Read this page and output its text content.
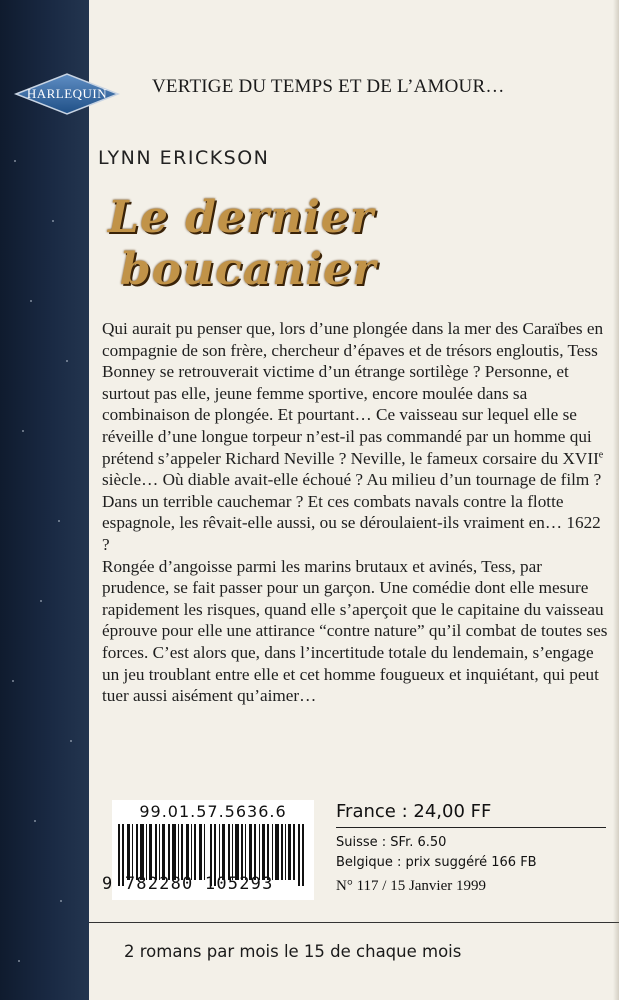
HARLEQUIN	VERTIGE DU TEMPS ET DE L’AMOUR…
LYNN ERICKSON
Le dernier
boucanier

Qui aurait pu penser que, lors d’une plongée dans la mer des Caraïbes en compagnie de son frère, chercheur d’épaves et de trésors engloutis, Tess Bonney se retrouverait victime d’un étrange sortilège ? Personne, et surtout pas elle, jeune femme sportive, encore moulée dans sa combinaison de plongée. Et pourtant… Ce vaisseau sur lequel elle se réveille d’une longue torpeur n’est-il pas commandé par un homme qui prétend s’appeler Richard Neville ? Neville, le fameux corsaire du XVIIe siècle… Où diable avait-elle échoué ? Au milieu d’un tournage de film ? Dans un terrible cauchemar ? Et ces combats navals contre la flotte espagnole, les rêvait-elle aussi, ou se déroulaient-ils vraiment en… 1622 ?

Rongée d’angoisse parmi les marins brutaux et avinés, Tess, par prudence, se fait passer pour un garçon. Une comédie dont elle mesure rapidement les risques, quand elle s’aperçoit que le capitaine du vaisseau éprouve pour elle une attirance “contre nature” qu’il combat de toutes ses forces. C’est alors que, dans l’incertitude totale du lendemain, s’engage un jeu troublant entre elle et cet homme fougueux et inquiétant, qui peut tuer aussi aisément qu’aimer…

99.01.57.5636.6
9 782280 105293
France : 24,00 FF
Suisse : SFr. 6.50
Belgique : prix suggéré 166 FB
N° 117 / 15 Janvier 1999
2 romans par mois le 15 de chaque mois
